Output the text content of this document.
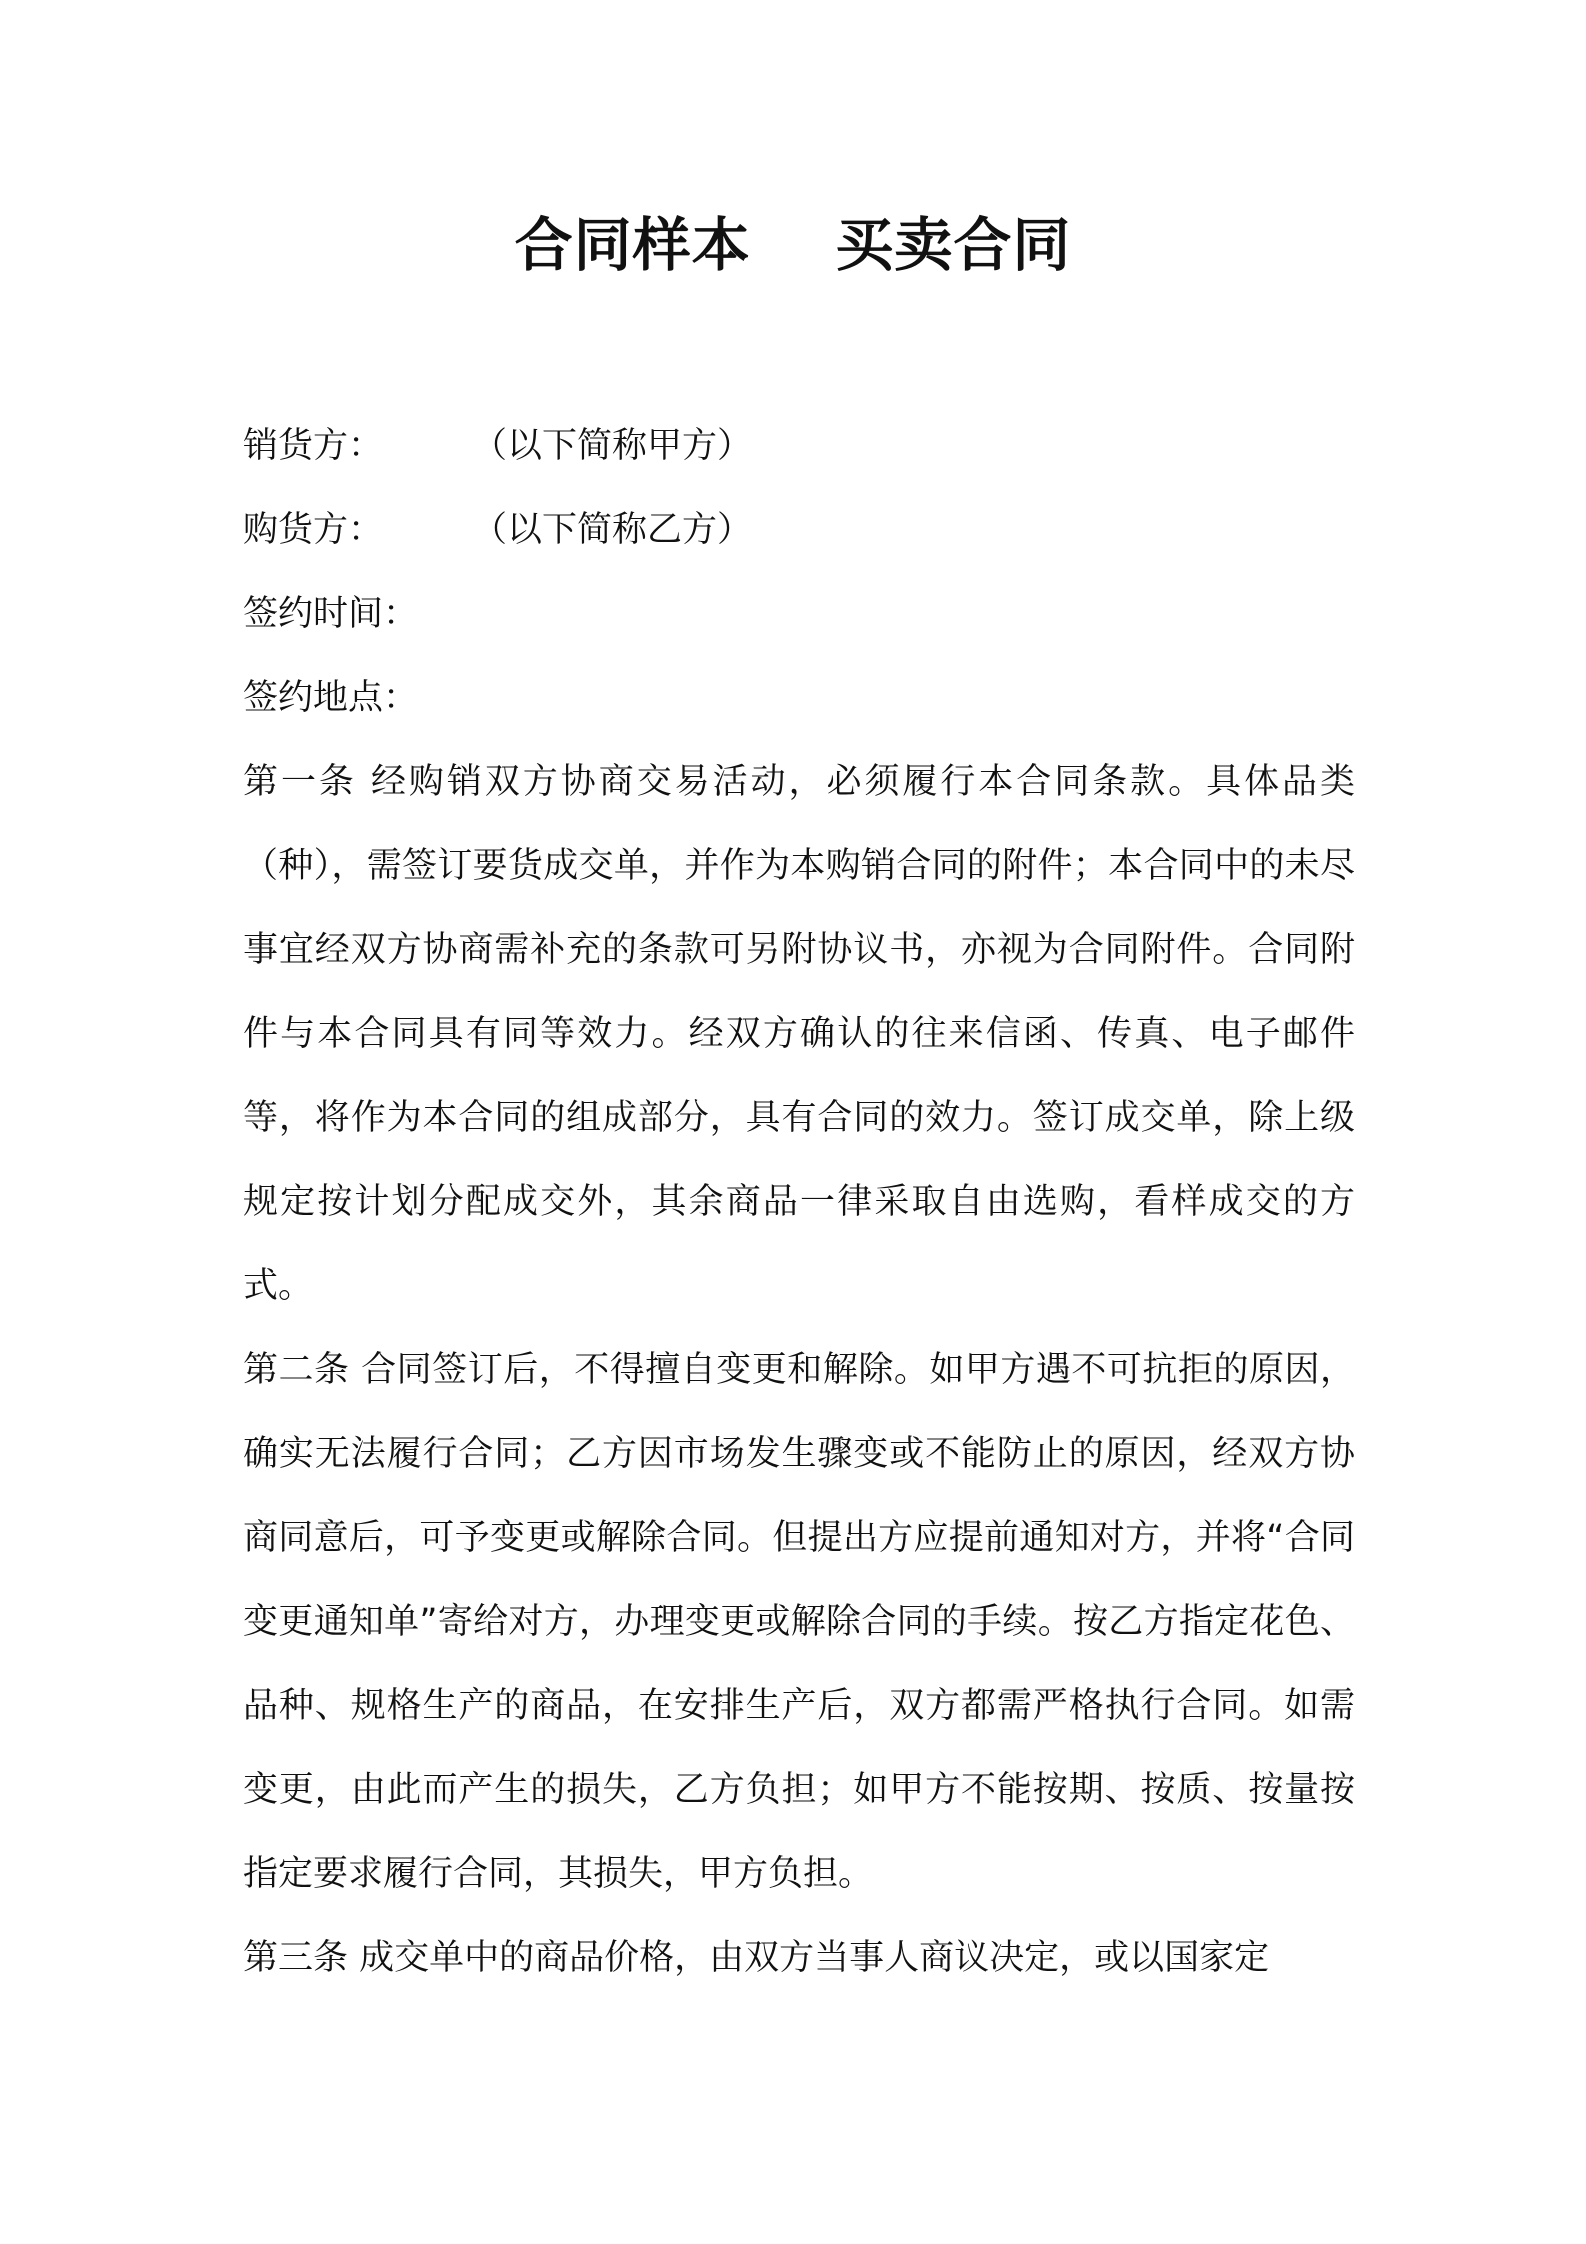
合同样本    买卖合同
销货方：        （以下简称甲方）
购货方：        （以下简称乙方）
签约时间：
签约地点：
第一条 经购销双方协商交易活动，必须履行本合同条款。具体品类（种），需签订要货成交单，并作为本购销合同的附件；本合同中的未尽事宜经双方协商需补充的条款可另附协议书，亦视为合同附件。合同附件与本合同具有同等效力。经双方确认的往来信函、传真、电子邮件等，将作为本合同的组成部分，具有合同的效力。签订成交单，除上级规定按计划分配成交外，其余商品一律采取自由选购，看样成交的方式。
第二条 合同签订后，不得擅自变更和解除。如甲方遇不可抗拒的原因，确实无法履行合同；乙方因市场发生骤变或不能防止的原因，经双方协商同意后，可予变更或解除合同。但提出方应提前通知对方，并将“合同变更通知单”寄给对方，办理变更或解除合同的手续。按乙方指定花色、品种、规格生产的商品，在安排生产后，双方都需严格执行合同。如需变更，由此而产生的损失，乙方负担；如甲方不能按期、按质、按量按指定要求履行合同，其损失，甲方负担。
第三条 成交单中的商品价格，由双方当事人商议决定，或以国家定
